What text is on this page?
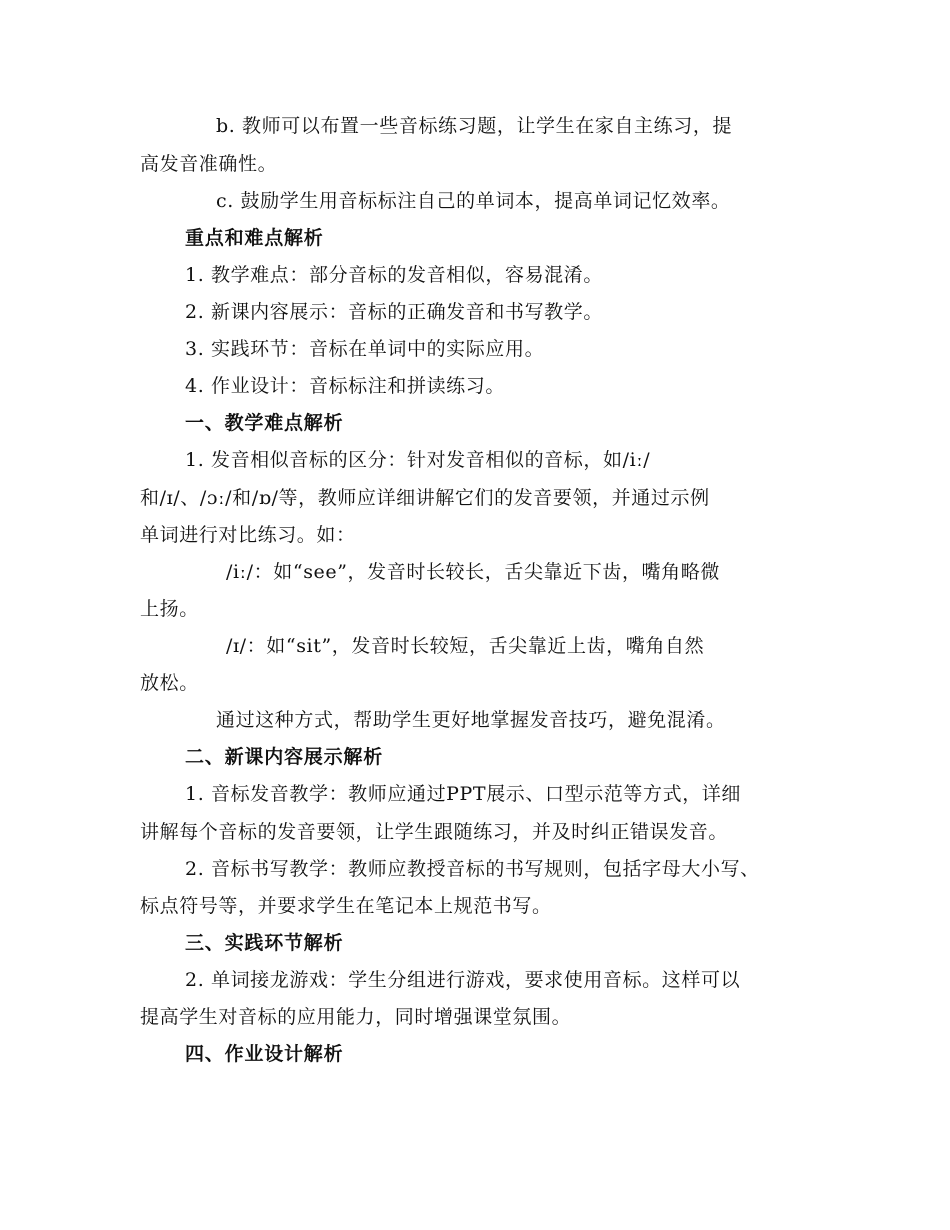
b. 教师可以布置一些音标练习题，让学生在家自主练习，提
高发音准确性。
c. 鼓励学生用音标标注自己的单词本，提高单词记忆效率。
重点和难点解析
1. 教学难点：部分音标的发音相似，容易混淆。
2. 新课内容展示：音标的正确发音和书写教学。
3. 实践环节：音标在单词中的实际应用。
4. 作业设计：音标标注和拼读练习。
一、教学难点解析
1. 发音相似音标的区分：针对发音相似的音标，如/iː/
和/ɪ/、/ɔː/和/ɒ/等，教师应详细讲解它们的发音要领，并通过示例
单词进行对比练习。如：
/iː/：如“see”，发音时长较长，舌尖靠近下齿，嘴角略微
上扬。
/ɪ/：如“sit”，发音时长较短，舌尖靠近上齿，嘴角自然
放松。
通过这种方式，帮助学生更好地掌握发音技巧，避免混淆。
二、新课内容展示解析
1. 音标发音教学：教师应通过PPT展示、口型示范等方式，详细
讲解每个音标的发音要领，让学生跟随练习，并及时纠正错误发音。
2. 音标书写教学：教师应教授音标的书写规则，包括字母大小写、
标点符号等，并要求学生在笔记本上规范书写。
三、实践环节解析
2. 单词接龙游戏：学生分组进行游戏，要求使用音标。这样可以
提高学生对音标的应用能力，同时增强课堂氛围。
四、作业设计解析
